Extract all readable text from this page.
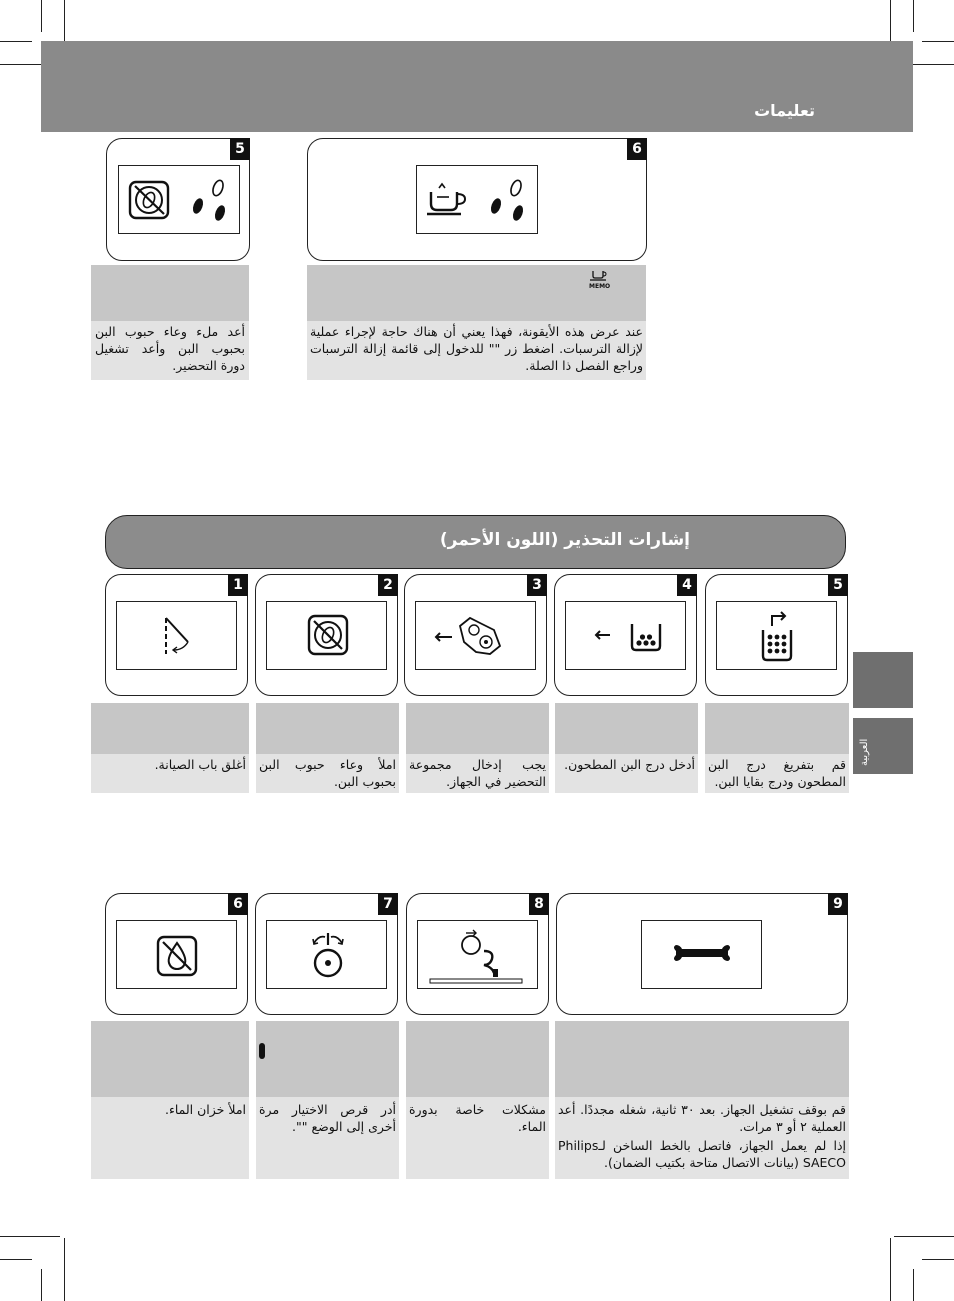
تعليمات
العربية
5
أعد ملء وعاء حبوب البن بحبوب البن وأعد تشغيل دورة التحضير.
6
MEMO
عند عرض هذه الأيقونة، فهذا يعني أن هناك حاجة لإجراء عملية لإزالة الترسبات. اضغط زر "" للدخول إلى قائمة إزالة الترسبات وراجع الفصل ذا الصلة.
إشارات التحذير (اللون الأحمر)
1	2	3	4	5
أغلق باب الصيانة. املأ وعاء حبوب البن بحبوب البن.
يجب إدخال مجموعة التحضير في الجهاز.
أدخل درج البن المطحون. قم بتفريغ درج البن المطحون ودرج بقايا البن.
6	7	8	9
املأ خزان الماء. أدر قرص الاختيار مرة أخرى إلى الوضع "".
مشكلات خاصة بدورة الماء.
قم بوقف تشغيل الجهاز. بعد ٣٠ ثانية، شغله مجددًا. أعد العملية ٢ أو ٣ مرات.
إذا لم يعمل الجهاز، فاتصل بالخط الساخن لـPhilips SAECO (بيانات الاتصال متاحة بكتيب الضمان).
